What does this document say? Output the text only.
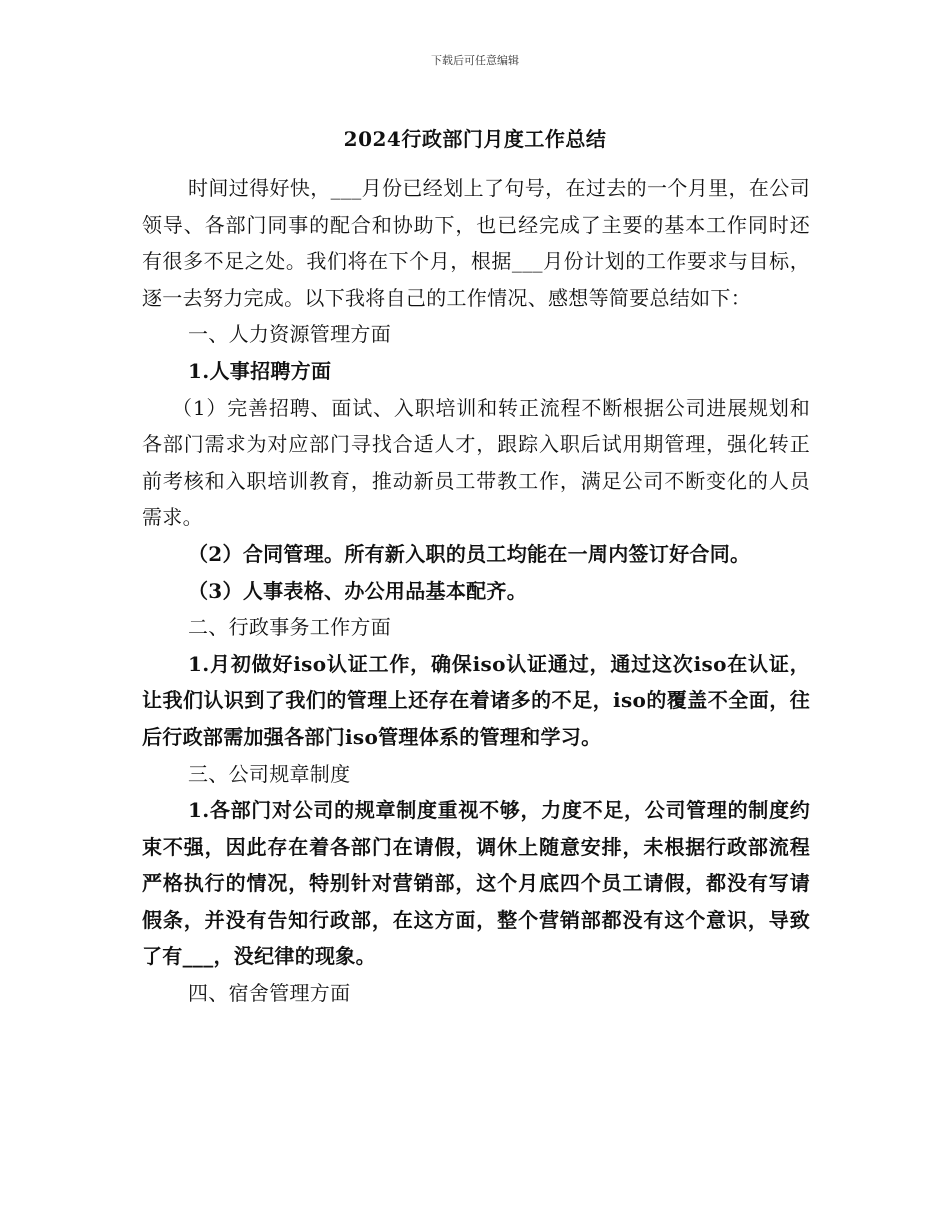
下载后可任意编辑
2024行政部门月度工作总结

时间过得好快，___月份已经划上了句号，在过去的一个月里，在公司领导、各部门同事的配合和协助下，也已经完成了主要的基本工作同时还有很多不足之处。我们将在下个月，根据___月份计划的工作要求与目标，逐一去努力完成。以下我将自己的工作情况、感想等简要总结如下：

一、人力资源管理方面

1.人事招聘方面

（1）完善招聘、面试、入职培训和转正流程不断根据公司进展规划和各部门需求为对应部门寻找合适人才，跟踪入职后试用期管理，强化转正前考核和入职培训教育，推动新员工带教工作，满足公司不断变化的人员需求。

（2）合同管理。所有新入职的员工均能在一周内签订好合同。

（3）人事表格、办公用品基本配齐。

二、行政事务工作方面

1.月初做好iso认证工作，确保iso认证通过，通过这次iso在认证，让我们认识到了我们的管理上还存在着诸多的不足，iso的覆盖不全面，往后行政部需加强各部门iso管理体系的管理和学习。

三、公司规章制度

1.各部门对公司的规章制度重视不够，力度不足，公司管理的制度约束不强，因此存在着各部门在请假，调休上随意安排，未根据行政部流程严格执行的情况，特别针对营销部，这个月底四个员工请假，都没有写请假条，并没有告知行政部，在这方面，整个营销部都没有这个意识，导致了有___，没纪律的现象。

四、宿舍管理方面
